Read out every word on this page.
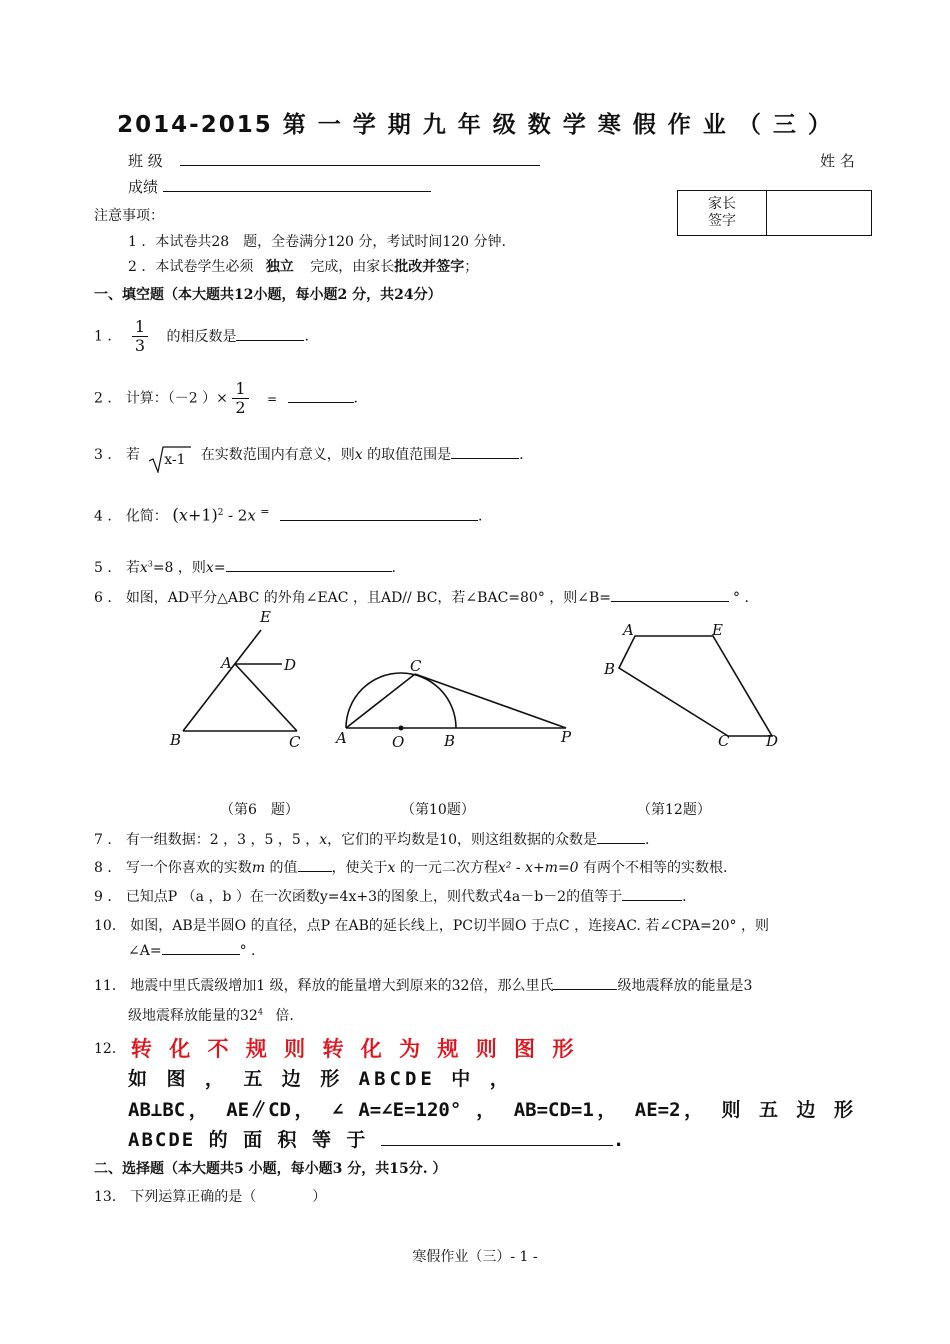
2014-2015 第 一 学 期 九 年 级 数 学 寒 假 作 业 （ 三 ）
班 级	姓 名
成绩
家长
签字

注意事项：
1 ．本试卷共28　题，全卷满分120 分，考试时间120 分钟.
2 ．本试卷学生必须 独立 完成，由家长批改并签字；
一、填空题（本大题共12小题，每小题2 分，共24分）
1 ． $\frac{1}{3}$ 的相反数是	.
2 ． 计算：（－2 ）× $\frac{1}{2}$ =	.
3 ． 若 x-1 在实数范围内有意义，则x 的取值范围是	.
4 ． 化简： $(x+1)^2 - 2x$ =	.
5 ． 若$x^3=8$ ，则x=	.
6 ． 如图，AD平分△ABC 的外角∠EAC ，且AD// BC，若∠BAC=80° ，则∠B=	° .
E
A	D
B	C
C
A	O	B	P
A	E
B
C D
（第6　题）	（第10题）	（第12题）
7 ． 有一组数据：2 ，3 ，5 ，5 ，x，它们的平均数是10，则这组数据的众数是	.
8 ． 写一个你喜欢的实数m 的值 ，使关于x 的一元二次方程x² - x+m=0 有两个不相等的实数根.
9 ． 已知点P （a ，b ）在一次函数y=4x+3的图象上，则代数式4a－b－2的值等于	.
10． 如图，AB是半圆O 的直径，点P 在AB的延长线上，PC切半圆O 于点C ，连接AC. 若∠CPA=20° ，则
∠A=	° .
11． 地震中里氏震级增加1 级，释放的能量增大到原来的32倍，那么里氏	级地震释放的能量是3
级地震释放能量的$32^4$ 倍.
12． 转 化 不 规 则 转 化 为 规 则 图 形
如 图 ， 五 边 形 ABCDE 中 ，
AB⊥BC， AE∥CD， ∠ A=∠E=120° ， AB=CD=1， AE=2， 则 五 边 形
ABCDE 的 面 积 等 于	.
二、选择题（本大题共5 小题，每小题3 分，共15分. ）
13． 下列运算正确的是（　　　　）
寒假作业（三）- 1 -
